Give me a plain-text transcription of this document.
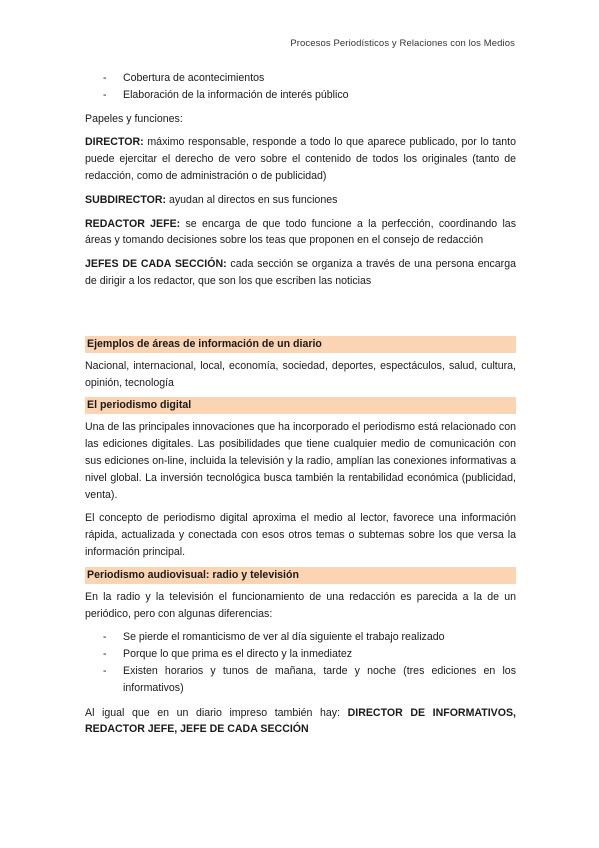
Procesos Periodísticos y Relaciones con los Medios
- Cobertura de acontecimientos
- Elaboración de la información de interés público

Papeles y funciones:

DIRECTOR: máximo responsable, responde a todo lo que aparece publicado, por lo tanto puede ejercitar el derecho de vero sobre el contenido de todos los originales (tanto de redacción, como de administración o de publicidad)

SUBDIRECTOR: ayudan al directos en sus funciones

REDACTOR JEFE: se encarga de que todo funcione a la perfección, coordinando las áreas y tomando decisiones sobre los teas que proponen en el consejo de redacción

JEFES DE CADA SECCIÓN: cada sección se organiza a través de una persona encarga de dirigir a los redactor, que son los que escriben las noticias

Ejemplos de áreas de información de un diario

Nacional, internacional, local, economía, sociedad, deportes, espectáculos, salud, cultura, opinión, tecnología

El periodismo digital

Una de las principales innovaciones que ha incorporado el periodismo está relacionado con las ediciones digitales. Las posibilidades que tiene cualquier medio de comunicación con sus ediciones on-line, incluida la televisión y la radio, amplían las conexiones informativas a nivel global. La inversión tecnológica busca también la rentabilidad económica (publicidad, venta).

El concepto de periodismo digital aproxima el medio al lector, favorece una información rápida, actualizada y conectada con esos otros temas o subtemas sobre los que versa la información principal.

Periodismo audiovisual: radio y televisión

En la radio y la televisión el funcionamiento de una redacción es parecida a la de un periódico, pero con algunas diferencias:

- Se pierde el romanticismo de ver al día siguiente el trabajo realizado
- Porque lo que prima es el directo y la inmediatez
- Existen horarios y tunos de mañana, tarde y noche (tres ediciones en los informativos)

Al igual que en un diario impreso también hay: DIRECTOR DE INFORMATIVOS, REDACTOR JEFE, JEFE DE CADA SECCIÓN
